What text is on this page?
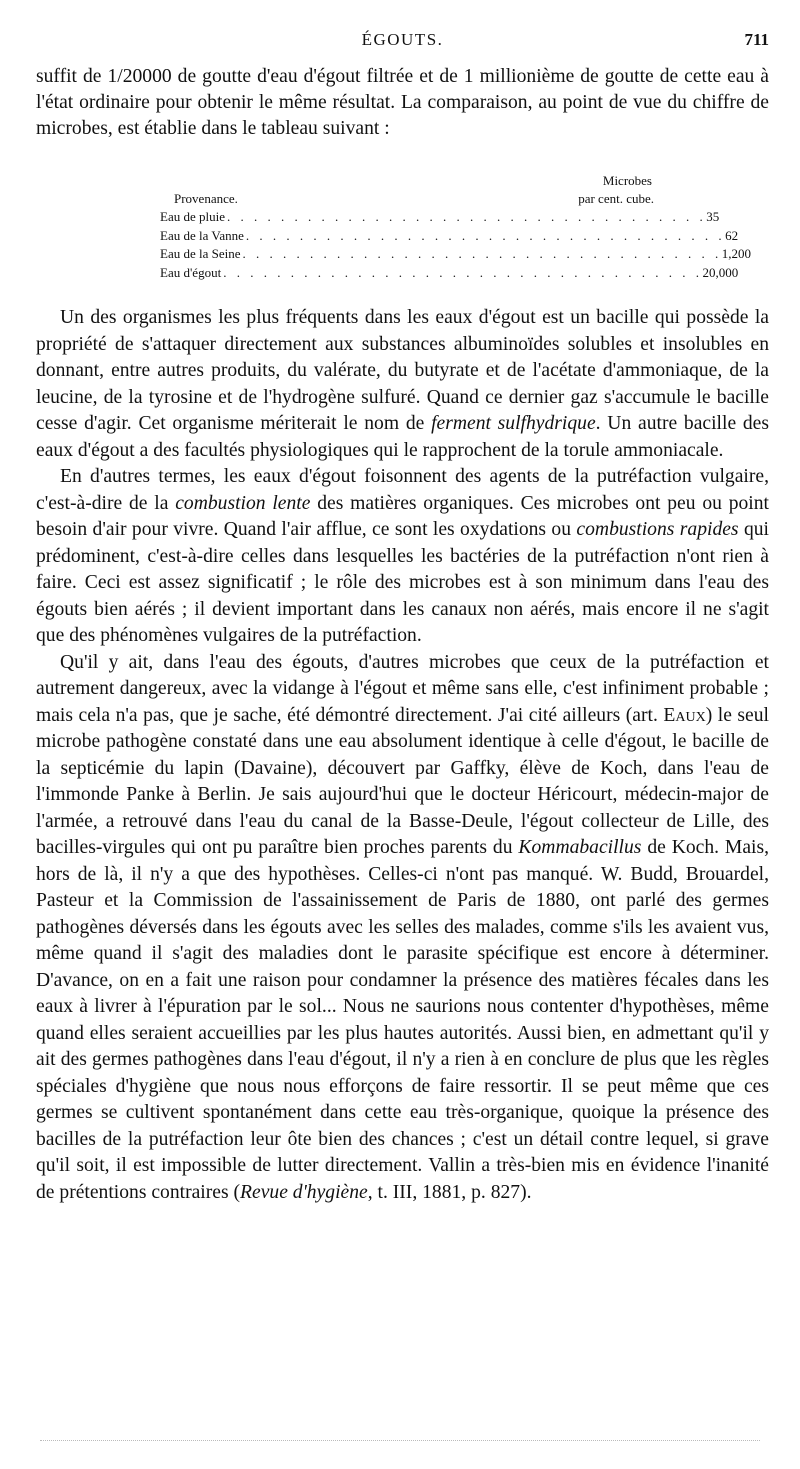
ÉGOUTS.	711

suffit de 1/20000 de goutte d'eau d'égout filtrée et de 1 millionième de goutte de cette eau à l'état ordinaire pour obtenir le même résultat. La comparaison, au point de vue du chiffre de microbes, est établie dans le tableau suivant :

Microbes
Provenance.	par cent. cube.
Eau de pluie . . . . . . . . . . . . . . . . . . . . . . . . . . . . . . . . . . . . 35
Eau de la Vanne . . . . . . . . . . . . . . . . . . . . . . . . . . . . . . . . . . . . 62
Eau de la Seine . . . . . . . . . . . . . . . . . . . . . . . . . . . . . . . . . . . . 1,200
Eau d'égout . . . . . . . . . . . . . . . . . . . . . . . . . . . . . . . . . . . . 20,000

Un des organismes les plus fréquents dans les eaux d'égout est un bacille qui possède la propriété de s'attaquer directement aux substances albuminoïdes solubles et insolubles en donnant, entre autres produits, du valérate, du butyrate et de l'acétate d'ammoniaque, de la leucine, de la tyrosine et de l'hydrogène sulfuré. Quand ce dernier gaz s'accumule le bacille cesse d'agir. Cet organisme mériterait le nom de ferment sulfhydrique. Un autre bacille des eaux d'égout a des facultés physiologiques qui le rapprochent de la torule ammoniacale.

En d'autres termes, les eaux d'égout foisonnent des agents de la putréfaction vulgaire, c'est-à-dire de la combustion lente des matières organiques. Ces microbes ont peu ou point besoin d'air pour vivre. Quand l'air afflue, ce sont les oxydations ou combustions rapides qui prédominent, c'est-à-dire celles dans lesquelles les bactéries de la putréfaction n'ont rien à faire. Ceci est assez significatif ; le rôle des microbes est à son minimum dans l'eau des égouts bien aérés ; il devient important dans les canaux non aérés, mais encore il ne s'agit que des phénomènes vulgaires de la putréfaction.

Qu'il y ait, dans l'eau des égouts, d'autres microbes que ceux de la putréfaction et autrement dangereux, avec la vidange à l'égout et même sans elle, c'est infiniment probable ; mais cela n'a pas, que je sache, été démontré directement. J'ai cité ailleurs (art. Eaux) le seul microbe pathogène constaté dans une eau absolument identique à celle d'égout, le bacille de la septicémie du lapin (Davaine), découvert par Gaffky, élève de Koch, dans l'eau de l'immonde Panke à Berlin. Je sais aujourd'hui que le docteur Héricourt, médecin-major de l'armée, a retrouvé dans l'eau du canal de la Basse-Deule, l'égout collecteur de Lille, des bacilles-virgules qui ont pu paraître bien proches parents du Kommabacillus de Koch. Mais, hors de là, il n'y a que des hypothèses. Celles-ci n'ont pas manqué. W. Budd, Brouardel, Pasteur et la Commission de l'assainissement de Paris de 1880, ont parlé des germes pathogènes déversés dans les égouts avec les selles des malades, comme s'ils les avaient vus, même quand il s'agit des maladies dont le parasite spécifique est encore à déterminer. D'avance, on en a fait une raison pour condamner la présence des matières fécales dans les eaux à livrer à l'épuration par le sol... Nous ne saurions nous contenter d'hypothèses, même quand elles seraient accueillies par les plus hautes autorités. Aussi bien, en admettant qu'il y ait des germes pathogènes dans l'eau d'égout, il n'y a rien à en conclure de plus que les règles spéciales d'hygiène que nous nous efforçons de faire ressortir. Il se peut même que ces germes se cultivent spontanément dans cette eau très-organique, quoique la présence des bacilles de la putréfaction leur ôte bien des chances ; c'est un détail contre lequel, si grave qu'il soit, il est impossible de lutter directement. Vallin a très-bien mis en évidence l'inanité de prétentions contraires (Revue d'hygiène, t. III, 1881, p. 827).
